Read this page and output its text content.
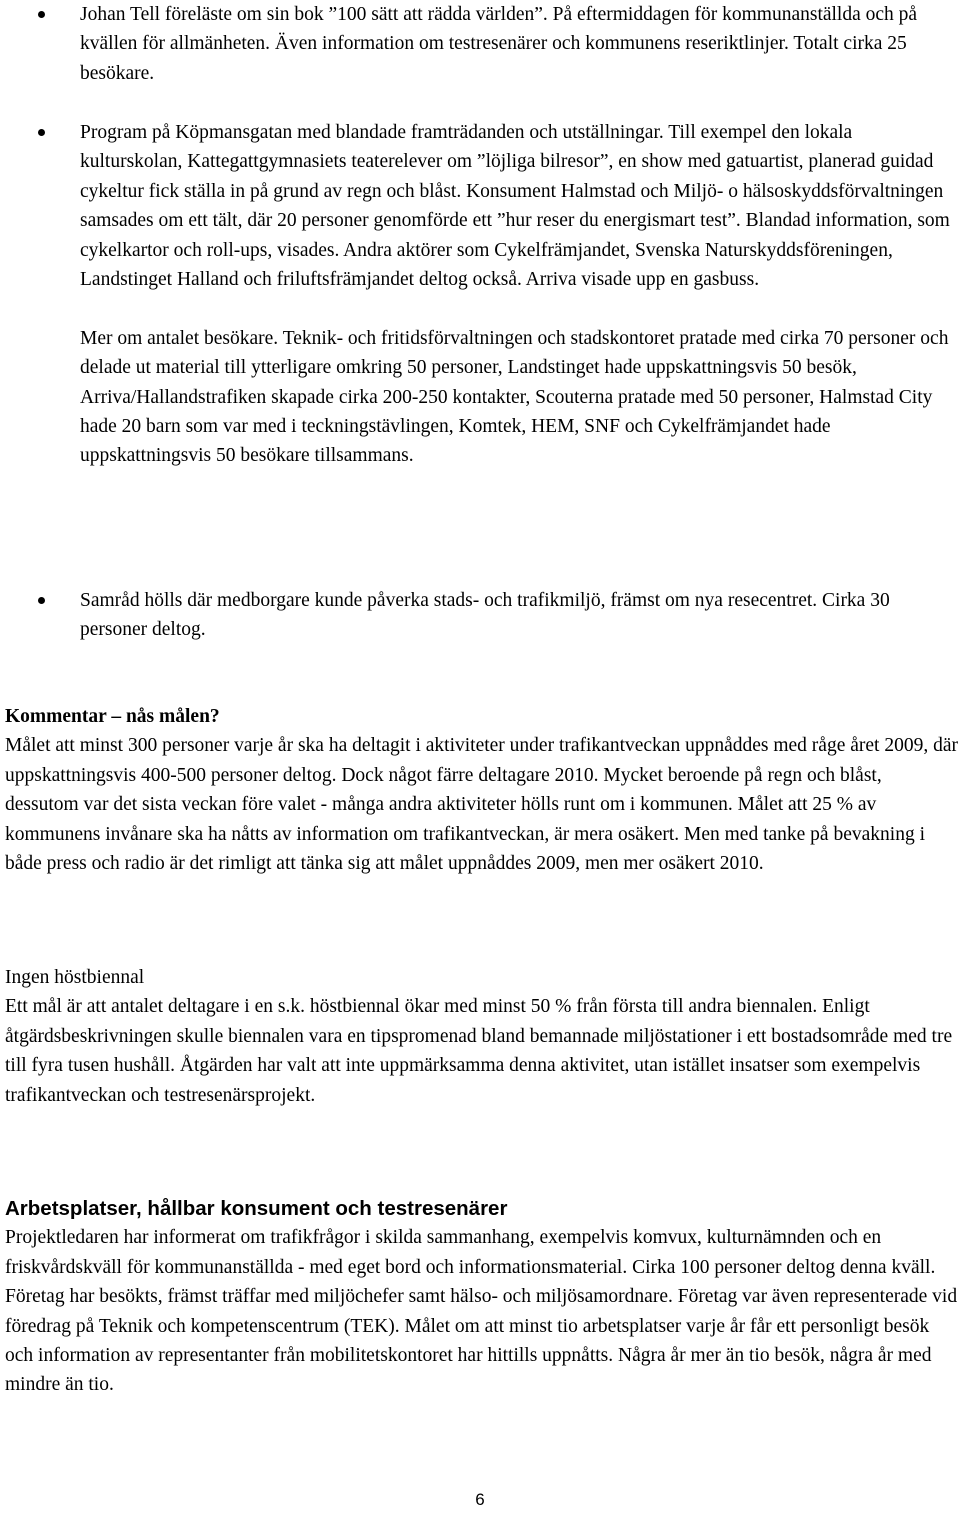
Johan Tell föreläste om sin bok ”100 sätt att rädda världen”. På eftermiddagen för kommunanställda och på kvällen för allmänheten. Även information om testresenärer och kommunens reseriktlinjer. Totalt cirka 25 besökare.

Program på Köpmansgatan med blandade framträdanden och utställningar. Till exempel den lokala kulturskolan, Kattegattgymnasiets teaterelever om ”löjliga bilresor”, en show med gatuartist, planerad guidad cykeltur fick ställa in på grund av regn och blåst. Konsument Halmstad och Miljö- o hälsoskyddsförvaltningen samsades om ett tält, där 20 personer genomförde ett ”hur reser du energismart test”. Blandad information, som cykelkartor och roll-ups, visades. Andra aktörer som Cykelfrämjandet, Svenska Naturskyddsföreningen, Landstinget Halland och friluftsfrämjandet deltog också. Arriva visade upp en gasbuss.

Mer om antalet besökare. Teknik- och fritidsförvaltningen och stadskontoret pratade med cirka 70 personer och delade ut material till ytterligare omkring 50 personer, Landstinget hade uppskattningsvis 50 besök, Arriva/Hallandstrafiken skapade cirka 200-250 kontakter, Scouterna pratade med 50 personer, Halmstad City hade 20 barn som var med i teckningstävlingen, Komtek, HEM, SNF och Cykelfrämjandet hade uppskattningsvis 50 besökare tillsammans.

Samråd hölls där medborgare kunde påverka stads- och trafikmiljö, främst om nya resecentret. Cirka 30 personer deltog.

Kommentar – nås målen?

Målet att minst 300 personer varje år ska ha deltagit i aktiviteter under trafikantveckan uppnåddes med råge året 2009, där uppskattningsvis 400-500 personer deltog. Dock något färre deltagare 2010. Mycket beroende på regn och blåst, dessutom var det sista veckan före valet - många andra aktiviteter hölls runt om i kommunen. Målet att 25 % av kommunens invånare ska ha nåtts av information om trafikantveckan, är mera osäkert. Men med tanke på bevakning i både press och radio är det rimligt att tänka sig att målet uppnåddes 2009, men mer osäkert 2010.

Ingen höstbiennal

Ett mål är att antalet deltagare i en s.k. höstbiennal ökar med minst 50 % från första till andra biennalen. Enligt åtgärdsbeskrivningen skulle biennalen vara en tipspromenad bland bemannade miljöstationer i ett bostadsområde med tre till fyra tusen hushåll. Åtgärden har valt att inte uppmärksamma denna aktivitet, utan istället insatser som exempelvis trafikantveckan och testresenärsprojekt.

Arbetsplatser, hållbar konsument och testresenärer

Projektledaren har informerat om trafikfrågor i skilda sammanhang, exempelvis komvux, kulturnämnden och en friskvårdskväll för kommunanställda - med eget bord och informationsmaterial. Cirka 100 personer deltog denna kväll. Företag har besökts, främst träffar med miljöchefer samt hälso- och miljösamordnare. Företag var även representerade vid föredrag på Teknik och kompetenscentrum (TEK). Målet om att minst tio arbetsplatser varje år får ett personligt besök och information av representanter från mobilitetskontoret har hittills uppnåtts. Några år mer än tio besök, några år med mindre än tio.

6
